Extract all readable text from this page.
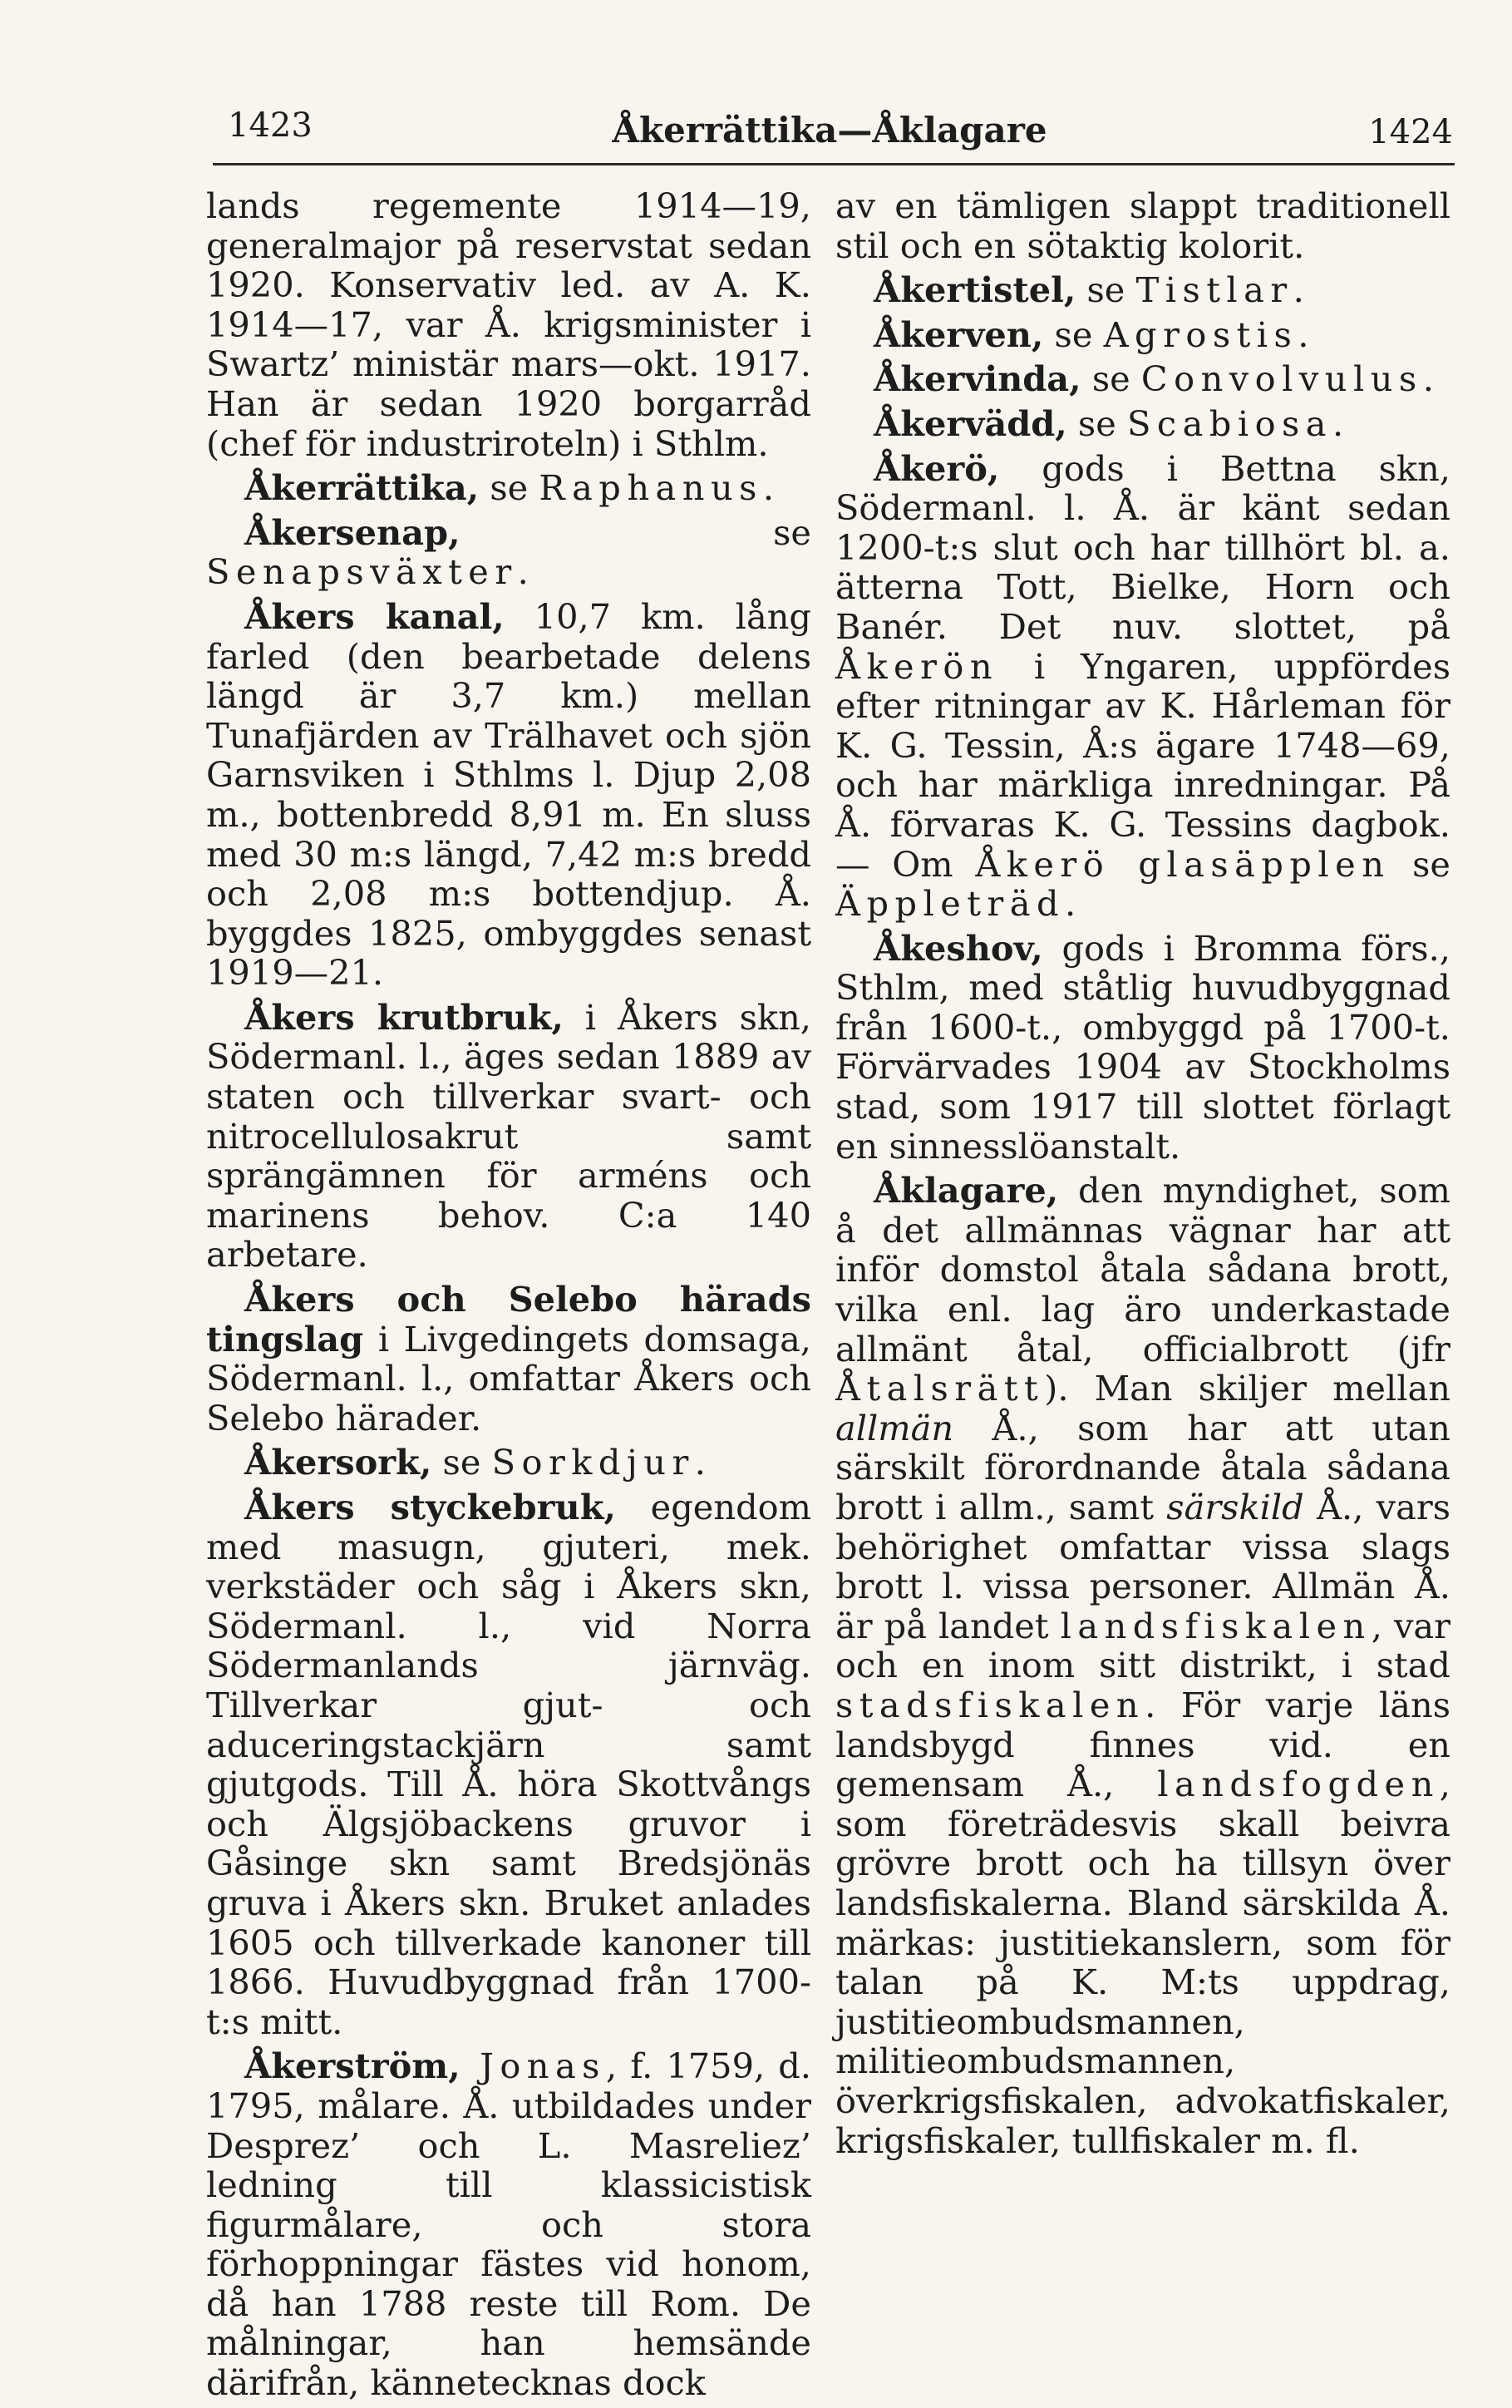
1423	Åkerrättika—Åklagare	1424

lands regemente 1914—19, generalmajor på reservstat sedan 1920. Konservativ led. av A. K. 1914—17, var Å. krigsminister i Swartz’ ministär mars—okt. 1917. Han är sedan 1920 borgarråd (chef för industriroteln) i Sthlm.

Åkerrättika, se Raphanus.

Åkersenap, se Senapsväxter.

Åkers kanal, 10,7 km. lång farled (den bearbetade delens längd är 3,7 km.) mellan Tunafjärden av Trälhavet och sjön Garnsviken i Sthlms l. Djup 2,08 m., bottenbredd 8,91 m. En sluss med 30 m:s längd, 7,42 m:s bredd och 2,08 m:s bottendjup. Å. byggdes 1825, ombyggdes senast 1919—21.

Åkers krutbruk, i Åkers skn, Södermanl. l., äges sedan 1889 av staten och tillverkar svart- och nitrocellulosakrut samt sprängämnen för arméns och marinens behov. C:a 140 arbetare.

Åkers och Selebo härads tingslag i Livgedingets domsaga, Södermanl. l., omfattar Åkers och Selebo härader.

Åkersork, se Sorkdjur.

Åkers styckebruk, egendom med masugn, gjuteri, mek. verkstäder och såg i Åkers skn, Södermanl. l., vid Norra Södermanlands järnväg. Tillverkar gjut- och aduceringstackjärn samt gjutgods. Till Å. höra Skottvångs och Älgsjöbackens gruvor i Gåsinge skn samt Bredsjönäs gruva i Åkers skn. Bruket anlades 1605 och tillverkade kanoner till 1866. Huvudbyggnad från 1700-t:s mitt.

Åkerström, Jonas, f. 1759, d. 1795, målare. Å. utbildades under Desprez’ och L. Masreliez’ ledning till klassicistisk figurmålare, och stora förhoppningar fästes vid honom, då han 1788 reste till Rom. De målningar, han hemsände därifrån, kännetecknas dock

av en tämligen slappt traditionell stil och en sötaktig kolorit.

Åkertistel, se Tistlar.

Åkerven, se Agrostis.

Åkervinda, se Convolvulus.

Åkervädd, se Scabiosa.

Åkerö, gods i Bettna skn, Södermanl. l. Å. är känt sedan 1200-t:s slut och har tillhört bl. a. ätterna Tott, Bielke, Horn och Banér. Det nuv. slottet, på Åkerön i Yngaren, uppfördes efter ritningar av K. Hårleman för K. G. Tessin, Å:s ägare 1748—69, och har märkliga inredningar. På Å. förvaras K. G. Tessins dagbok. — Om Åkerö glasäpplen se Äppleträd.

Åkeshov, gods i Bromma förs., Sthlm, med ståtlig huvudbyggnad från 1600-t., ombyggd på 1700-t. Förvärvades 1904 av Stockholms stad, som 1917 till slottet förlagt en sinnesslöanstalt.

Åklagare, den myndighet, som å det allmännas vägnar har att inför domstol åtala sådana brott, vilka enl. lag äro underkastade allmänt åtal, officialbrott (jfr Åtalsrätt). Man skiljer mellan allmän Å., som har att utan särskilt förordnande åtala sådana brott i allm., samt särskild Å., vars behörighet omfattar vissa slags brott l. vissa personer. Allmän Å. är på landet landsfiskalen, var och en inom sitt distrikt, i stad stadsfiskalen. För varje läns landsbygd finnes vid. en gemensam Å., landsfogden, som företrädesvis skall beivra grövre brott och ha tillsyn över landsfiskalerna. Bland särskilda Å. märkas: justitiekanslern, som för talan på K. M:ts uppdrag, justitieombudsmannen, militieombudsmannen, överkrigsfiskalen, advokatfiskaler, krigsfiskaler, tullfiskaler m. fl.
